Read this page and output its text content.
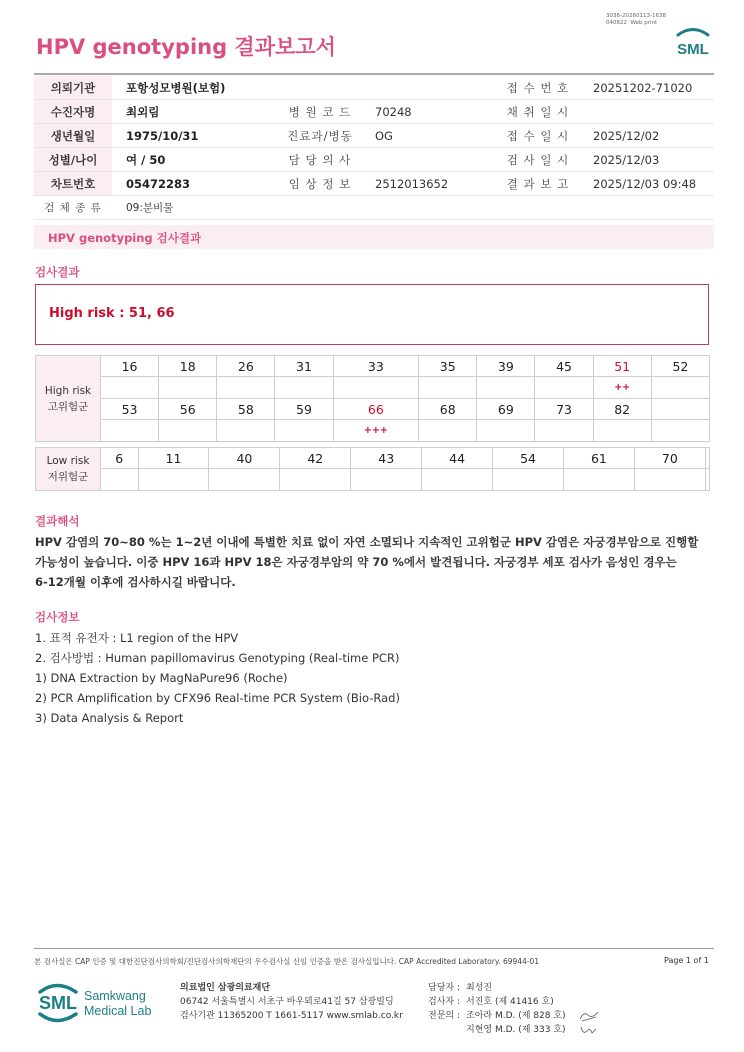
3036-20260113-1638
040822  Web print
HPV genotyping 결과보고서	SML
의뢰기관	포항성모병원(보험)			접 수 번 호	20251202-71020
수진자명	최외림	병 원 코 드	70248	채 취 일 시	
생년월일	1975/10/31	진료과/병동	OG	접 수 일 시	2025/12/02
성별/나이	여 / 50	담 당 의 사		검 사 일 시	2025/12/03
차트번호	05472283	임 상 정 보	2512013652	결 과 보 고	2025/12/03 09:48
검 체 종 류	09:분비물				
HPV genotyping 검사결과
검사결과
High risk : 51, 66
High risk
고위험군	16	18	26	31	33	35	39	45	51	52
									++	
	53	56	58	59	66	68	69	73	82	
					+++					
Low risk
저위험군	6	11	40	42	43	44	54	61	70	

결과해석
HPV 감염의 70~80 %는 1~2년 이내에 특별한 치료 없이 자연 소멸되나 지속적인 고위험군 HPV 감염은 자궁경부암으로 진행할
가능성이 높습니다. 이중 HPV 16과 HPV 18은 자궁경부암의 약 70 %에서 발견됩니다. 자궁경부 세포 검사가 음성인 경우는
6-12개월 이후에 검사하시길 바랍니다.
검사정보
1. 표적 유전자 : L1 region of the HPV
2. 검사방법 : Human papillomavirus Genotyping (Real-time PCR)
1) DNA Extraction by MagNaPure96 (Roche)
2) PCR Amplification by CFX96 Real-time PCR System (Bio-Rad)
3) Data Analysis & Report
본 검사실은 CAP 인증 및 대한진단검사의학회/진단검사의학재단의 우수검사실 신임 인증을 받은 검사실입니다. CAP Accredited Laboratory. 69944-01	Page 1 of 1
SML Samkwang
Medical Lab
의료법인 삼광의료재단
06742 서울특별시 서초구 바우뫼로41길 57 삼광빌딩
검사기관 11365200 T 1661-5117 www.smlab.co.kr
담당자 : 최성진
검사자 : 서진호 (제 41416 호)
전문의 : 조아라 M.D. (제 828 호)
지현영 M.D. (제 333 호)
